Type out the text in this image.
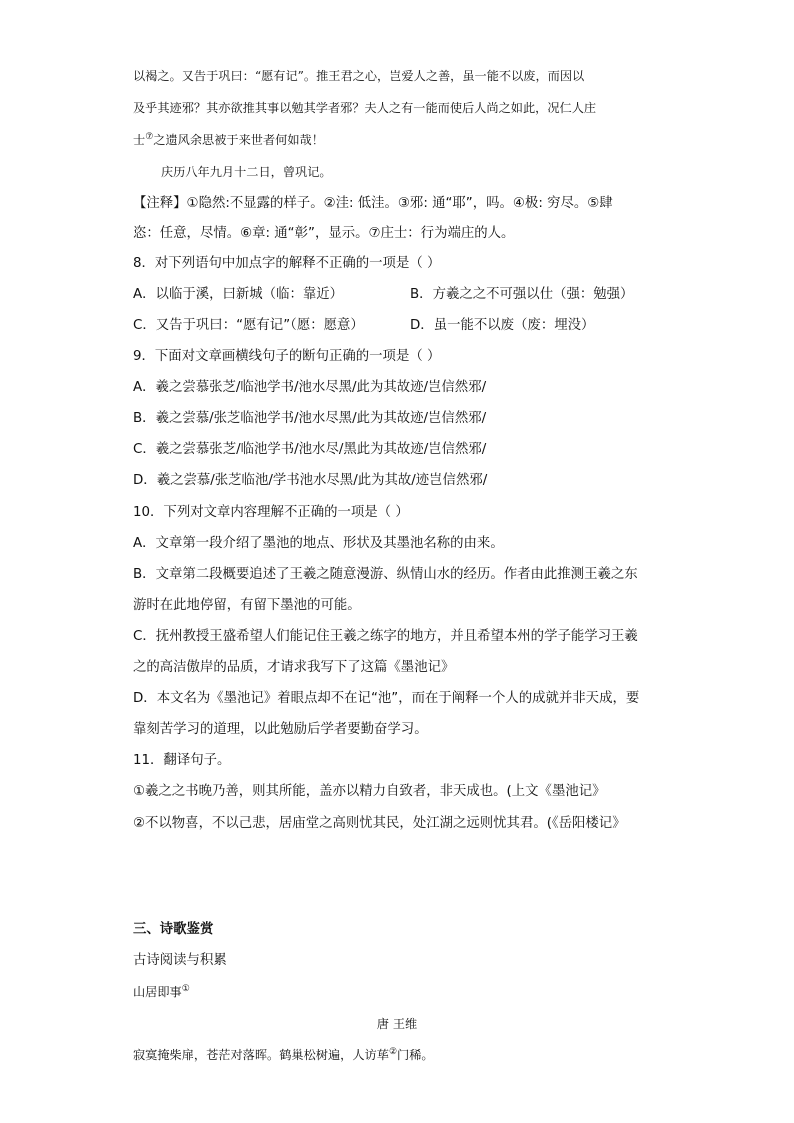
以褐之。又告于巩曰：“愿有记”。推王君之心，岂爱人之善，虽一能不以废，而因以
及乎其迹邪？其亦欲推其事以勉其学者邪？夫人之有一能而使后人尚之如此，况仁人庄
士⑦之遗风余思被于来世者何如哉！
庆历八年九月十二日，曾巩记。
【注释】①隐然:不显露的样子。②洼: 低洼。③邪: 通“耶”，吗。④极: 穷尽。⑤肆
恣：任意，尽情。⑥章: 通“彰”，显示。⑦庄士：行为端庄的人。
8．对下列语句中加点字的解释不正确的一项是（ ）
A．以临于溪，曰新城（临：靠近）	B．方羲之之不可强以仕（强：勉强）
C．又告于巩曰：“愿有记”（愿：愿意）	D．虽一能不以废（废：埋没）
9．下面对文章画横线句子的断句正确的一项是（ ）
A．羲之尝慕张芝/临池学书/池水尽黑/此为其故迹/岂信然邪/
B．羲之尝慕/张芝临池学书/池水尽黑/此为其故迹/岂信然邪/
C．羲之尝慕张芝/临池学书/池水尽/黑此为其故迹/岂信然邪/
D．羲之尝慕/张芝临池/学书池水尽黑/此为其故/迹岂信然邪/
10．下列对文章内容理解不正确的一项是（ ）
A．文章第一段介绍了墨池的地点、形状及其墨池名称的由来。
B．文章第二段概要追述了王羲之随意漫游、纵情山水的经历。作者由此推测王羲之东
游时在此地停留，有留下墨池的可能。
C．抚州教授王盛希望人们能记住王羲之练字的地方，并且希望本州的学子能学习王羲
之的高洁傲岸的品质，才请求我写下了这篇《墨池记》
D．本文名为《墨池记》着眼点却不在记“池”，而在于阐释一个人的成就并非天成，要
靠刻苦学习的道理，以此勉励后学者要勤奋学习。
11．翻译句子。
①羲之之书晚乃善，则其所能，盖亦以精力自致者，非天成也。(上文《墨池记》
②不以物喜，不以己悲，居庙堂之高则忧其民，处江湖之远则忧其君。(《岳阳楼记》
三、诗歌鉴赏
古诗阅读与积累
山居即事①
唐 王维
寂寞掩柴扉，苍茫对落晖。鹤巢松树遍，人访荜②门稀。
